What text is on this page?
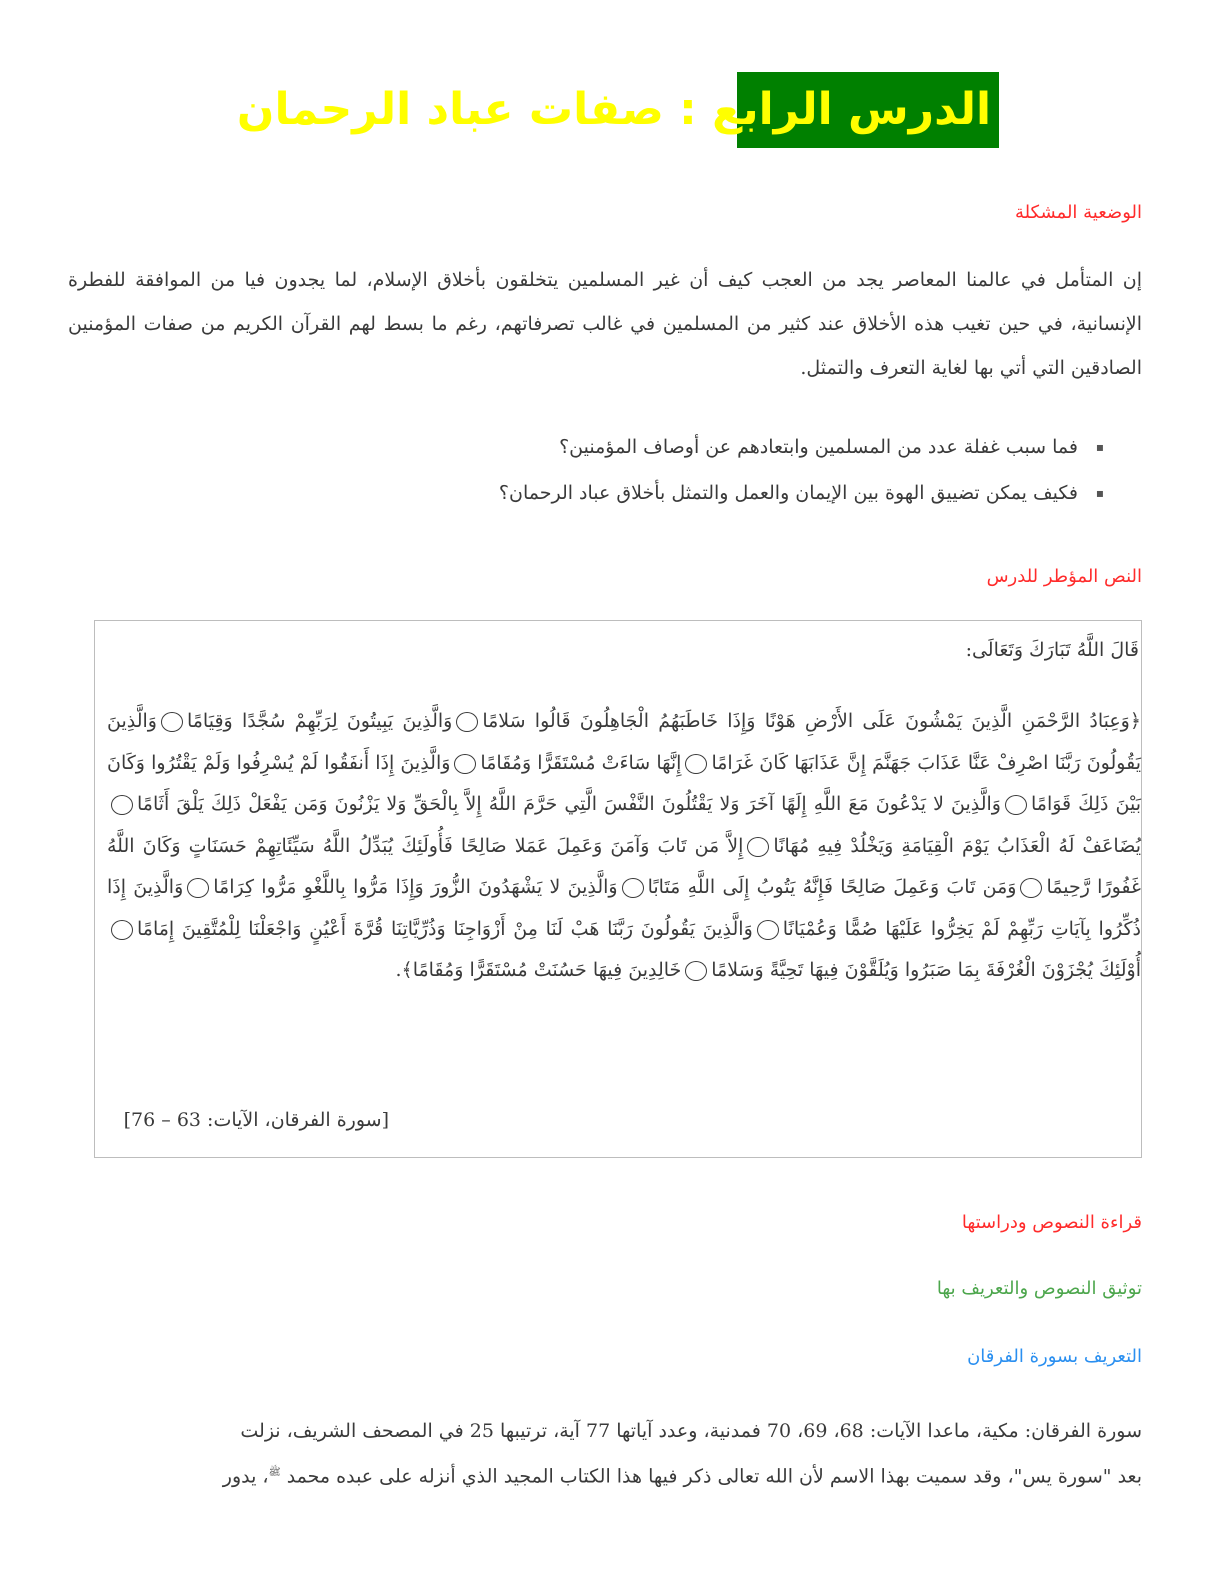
الدرس الرابع : صفات عباد الرحمان
الوضعية المشكلة
إن المتأمل في عالمنا المعاصر يجد من العجب كيف أن غير المسلمين يتخلقون بأخلاق الإسلام، لما يجدون فيا من الموافقة للفطرة الإنسانية، في حين تغيب هذه الأخلاق عند كثير من المسلمين في غالب تصرفاتهم، رغم ما بسط لهم القرآن الكريم من صفات المؤمنين الصادقين التي أتي بها لغاية التعرف والتمثل.
▪
فما سبب غفلة عدد من المسلمين وابتعادهم عن أوصاف المؤمنين؟
▪
فكيف يمكن تضييق الهوة بين الإيمان والعمل والتمثل بأخلاق عباد الرحمان؟
النص المؤطر للدرس
قَالَ اللَّهُ تَبَارَكَ وَتَعَالَى:
﴿وَعِبَادُ الرَّحْمَنِ الَّذِينَ يَمْشُونَ عَلَى الأَرْضِ هَوْنًا وَإِذَا خَاطَبَهُمُ الْجَاهِلُونَ قَالُوا سَلامًاوَالَّذِينَ يَبِيتُونَ لِرَبِّهِمْ سُجَّدًا وَقِيَامًاوَالَّذِينَ يَقُولُونَ رَبَّنَا اصْرِفْ عَنَّا عَذَابَ جَهَنَّمَ إِنَّ عَذَابَهَا كَانَ غَرَامًاإِنَّهَا سَاءَتْ مُسْتَقَرًّا وَمُقَامًاوَالَّذِينَ إِذَا أَنفَقُوا لَمْ يُسْرِفُوا وَلَمْ يَقْتُرُوا وَكَانَ بَيْنَ ذَلِكَ قَوَامًاوَالَّذِينَ لا يَدْعُونَ مَعَ اللَّهِ إِلَهًا آخَرَ وَلا يَقْتُلُونَ النَّفْسَ الَّتِي حَرَّمَ اللَّهُ إِلاَّ بِالْحَقِّ وَلا يَزْنُونَ وَمَن يَفْعَلْ ذَلِكَ يَلْقَ أَثَامًايُضَاعَفْ لَهُ الْعَذَابُ يَوْمَ الْقِيَامَةِ وَيَخْلُدْ فِيهِ مُهَانًاإِلاَّ مَن تَابَ وَآمَنَ وَعَمِلَ عَمَلا صَالِحًا فَأُولَئِكَ يُبَدِّلُ اللَّهُ سَيِّئَاتِهِمْ حَسَنَاتٍ وَكَانَ اللَّهُ غَفُورًا رَّحِيمًاوَمَن تَابَ وَعَمِلَ صَالِحًا فَإِنَّهُ يَتُوبُ إِلَى اللَّهِ مَتَابًاوَالَّذِينَ لا يَشْهَدُونَ الزُّورَ وَإِذَا مَرُّوا بِاللَّغْوِ مَرُّوا كِرَامًاوَالَّذِينَ إِذَا ذُكِّرُوا بِآيَاتِ رَبِّهِمْ لَمْ يَخِرُّوا عَلَيْهَا صُمًّا وَعُمْيَانًاوَالَّذِينَ يَقُولُونَ رَبَّنَا هَبْ لَنَا مِنْ أَزْوَاجِنَا وَذُرِّيَّاتِنَا قُرَّةَ أَعْيُنٍ وَاجْعَلْنَا لِلْمُتَّقِينَ إِمَامًاأُوْلَئِكَ يُجْزَوْنَ الْغُرْفَةَ بِمَا صَبَرُوا وَيُلَقَّوْنَ فِيهَا تَحِيَّةً وَسَلامًاخَالِدِينَ فِيهَا حَسُنَتْ مُسْتَقَرًّا وَمُقَامًا﴾.
[سورة الفرقان، الآيات: 63 – 76]
قراءة النصوص ودراستها
توثيق النصوص والتعريف بها
التعريف بسورة الفرقان
سورة الفرقان: مكية، ماعدا الآيات: 68، 69، 70 فمدنية، وعدد آياتها 77 آية، ترتيبها 25 في المصحف الشريف، نزلت
بعد "سورة يس"، وقد سميت بهذا الاسم لأن الله تعالى ذكر فيها هذا الكتاب المجيد الذي أنزله على عبده محمد $^ﷺ$، يدور
